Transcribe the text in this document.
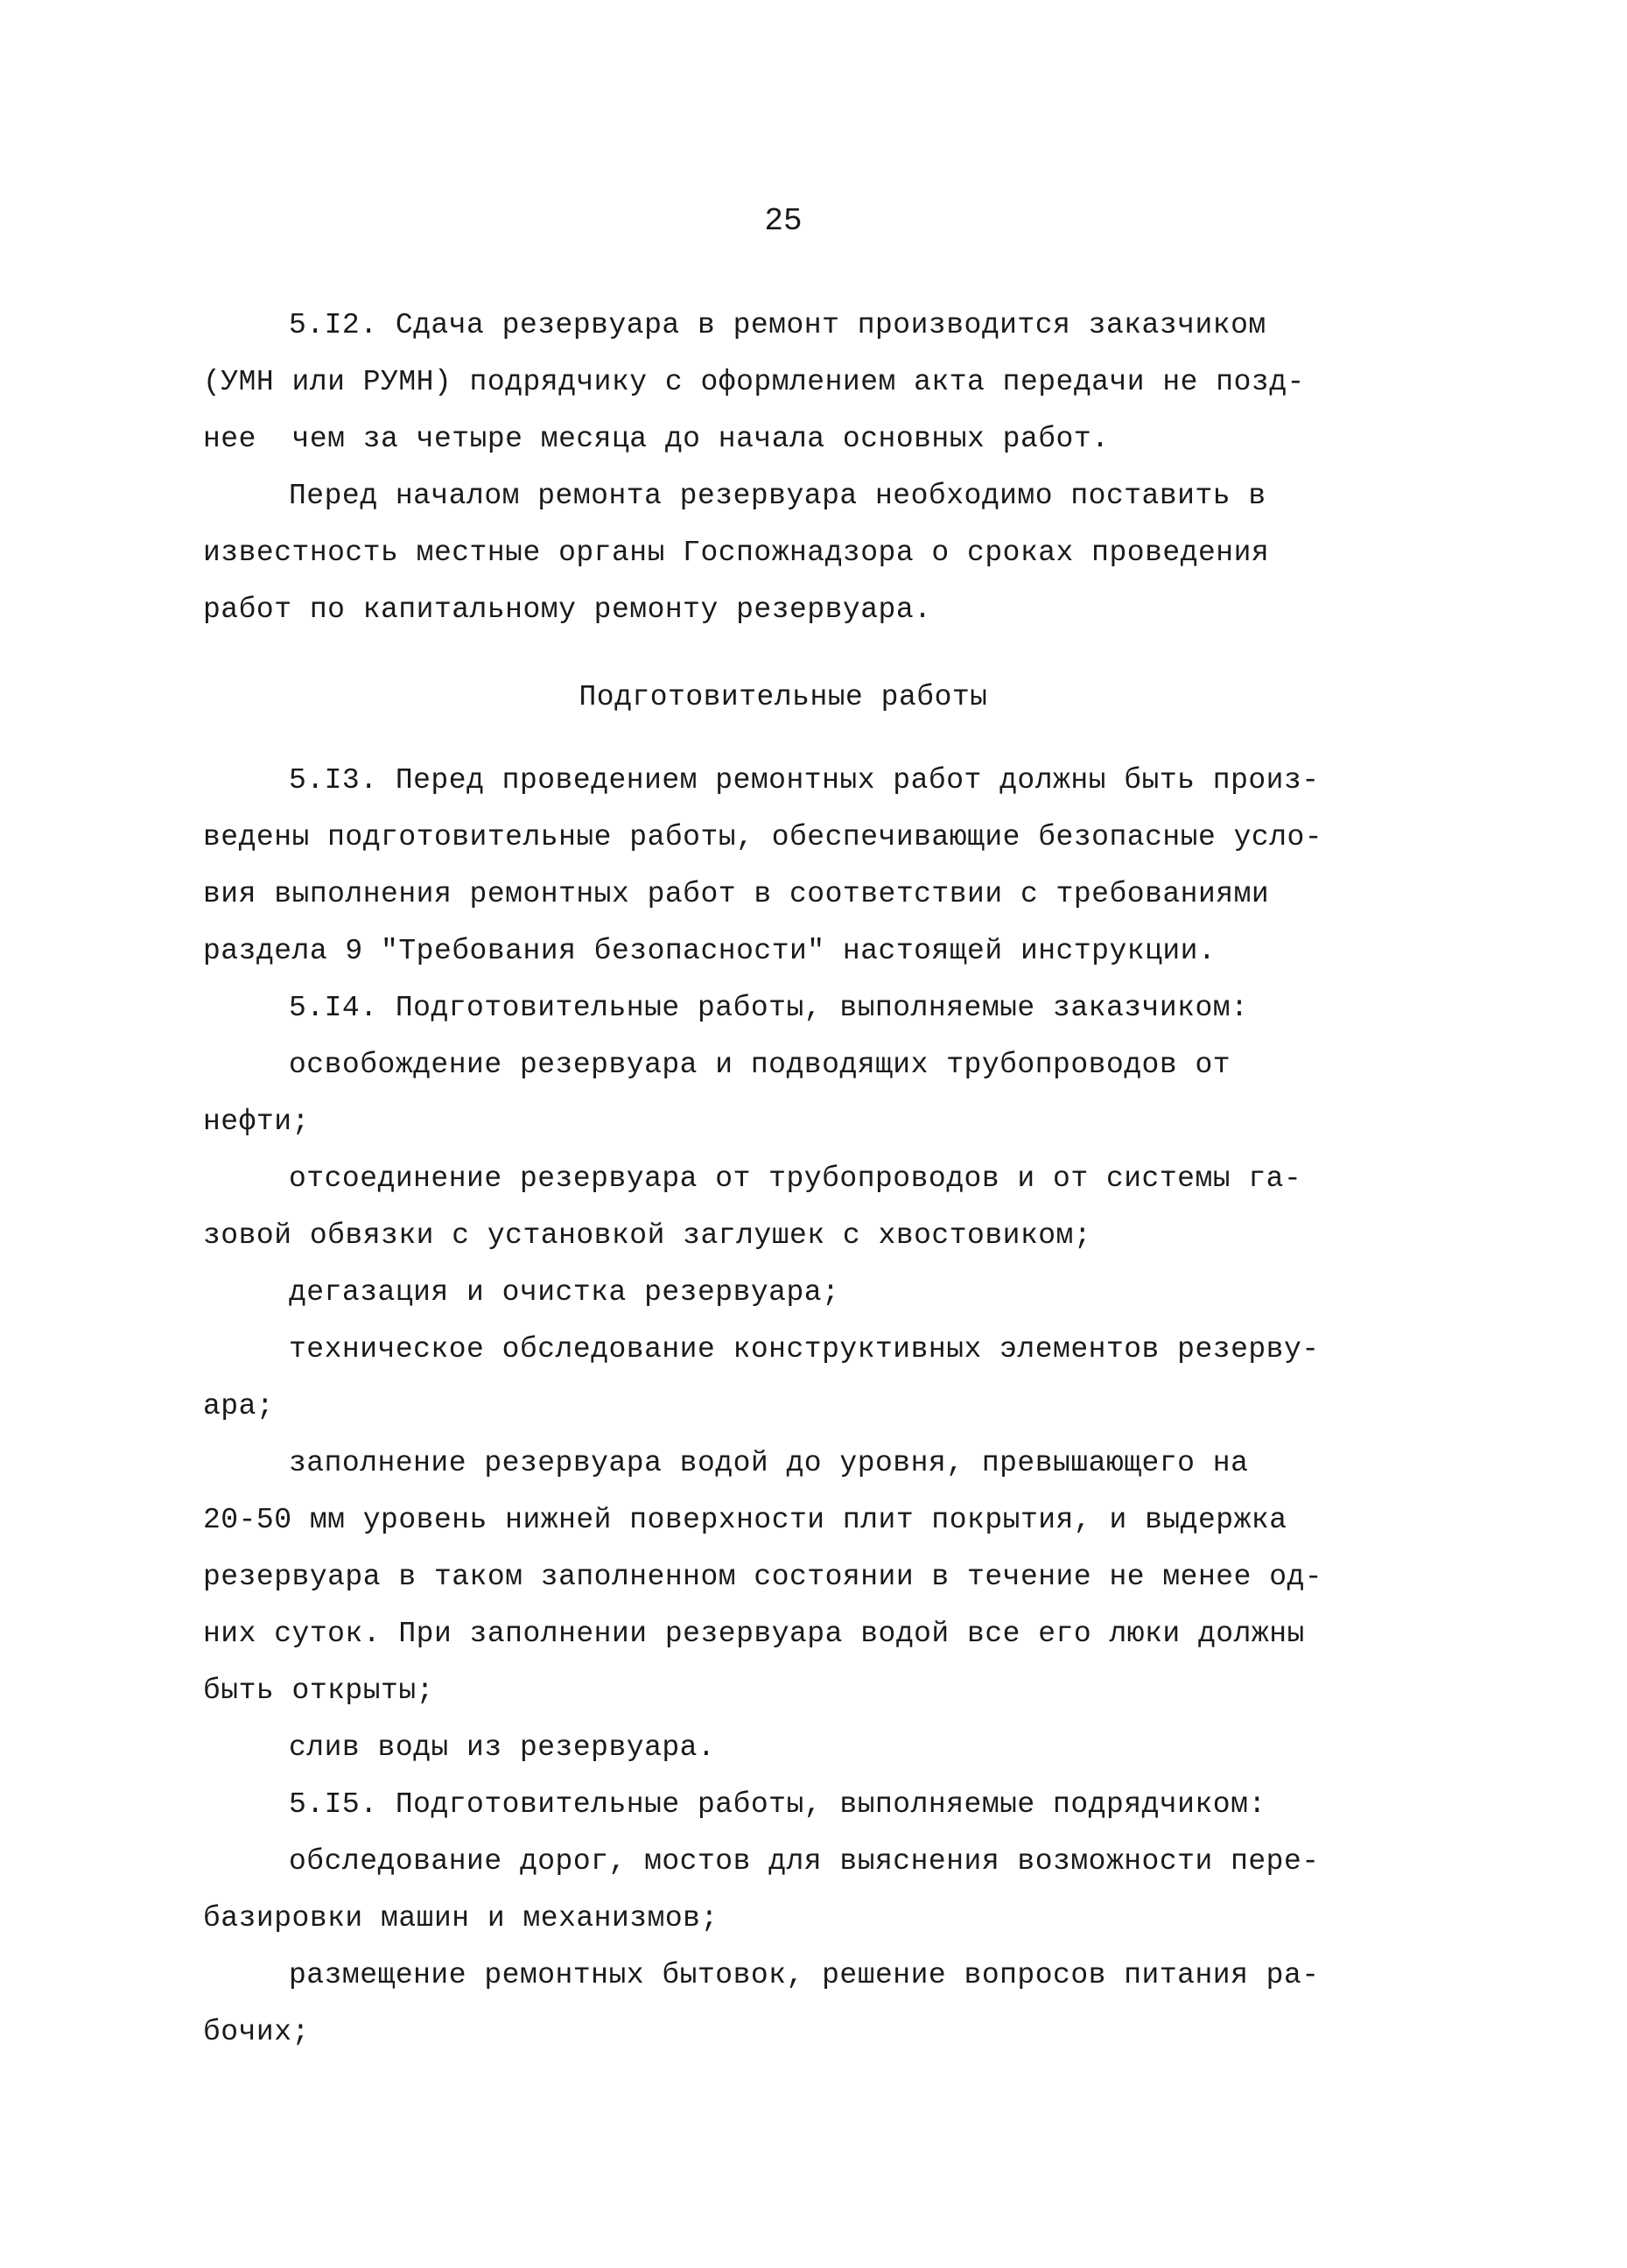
25
5.I2. Сдача резервуара в ремонт производится заказчиком
(УМН или РУМН) подрядчику с оформлением акта передачи не позд-
нее  чем за четыре месяца до начала основных работ.
Перед началом ремонта резервуара необходимо поставить в
известность местные органы Госпожнадзора о сроках проведения
работ по капитальному ремонту резервуара.
Подготовительные работы
5.I3. Перед проведением ремонтных работ должны быть произ-
ведены подготовительные работы, обеспечивающие безопасные усло-
вия выполнения ремонтных работ в соответствии с требованиями
раздела 9 "Требования безопасности" настоящей инструкции.
5.I4. Подготовительные работы, выполняемые заказчиком:
освобождение резервуара и подводящих трубопроводов от
нефти;
отсоединение резервуара от трубопроводов и от системы га-
зовой обвязки с установкой заглушек с хвостовиком;
дегазация и очистка резервуара;
техническое обследование конструктивных элементов резерву-
ара;
заполнение резервуара водой до уровня, превышающего на
20-50 мм уровень нижней поверхности плит покрытия, и выдержка
резервуара в таком заполненном состоянии в течение не менее од-
них суток. При заполнении резервуара водой все его люки должны
быть открыты;
слив воды из резервуара.
5.I5. Подготовительные работы, выполняемые подрядчиком:
обследование дорог, мостов для выяснения возможности пере-
базировки машин и механизмов;
размещение ремонтных бытовок, решение вопросов питания ра-
бочих;
